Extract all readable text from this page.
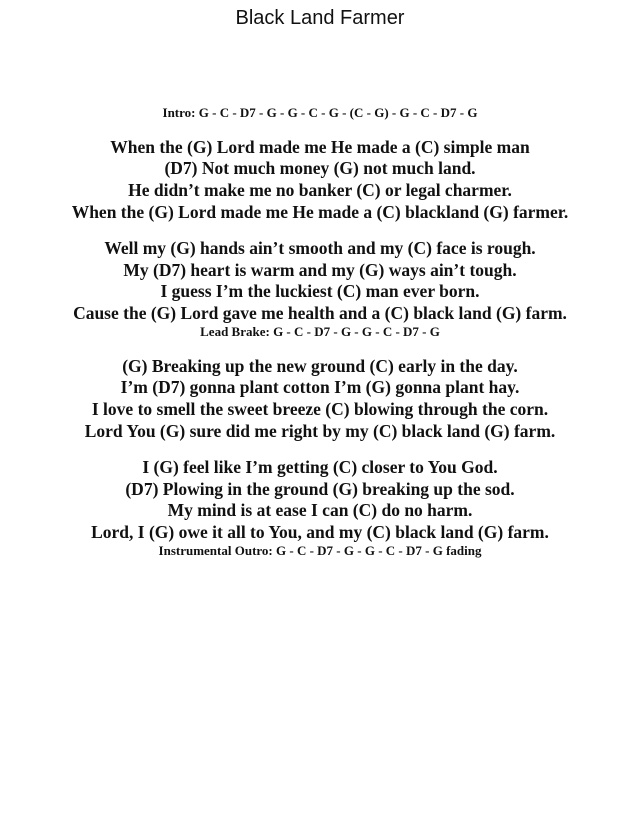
Black Land Farmer
Intro: G - C - D7 - G - G - C - G - (C - G) - G - C - D7 - G
When the (G) Lord made me He made a (C) simple man
(D7) Not much money (G) not much land.
He didn’t make me no banker (C) or legal charmer.
When the (G) Lord made me He made a (C) blackland (G) farmer.
Well my (G) hands ain’t smooth and my (C) face is rough.
My (D7) heart is warm and my (G) ways ain’t tough.
I guess I’m the luckiest (C) man ever born.
Cause the (G) Lord gave me health and a (C) black land (G) farm.
Lead Brake: G - C - D7 - G - G - C - D7 - G
(G) Breaking up the new ground (C) early in the day.
I’m (D7) gonna plant cotton I’m (G) gonna plant hay.
I love to smell the sweet breeze (C) blowing through the corn.
Lord You (G) sure did me right by my (C) black land (G) farm.
I (G) feel like I’m getting (C) closer to You God.
(D7) Plowing in the ground (G) breaking up the sod.
My mind is at ease I can (C) do no harm.
Lord, I (G) owe it all to You, and my (C) black land (G) farm.
Instrumental Outro: G - C - D7 - G - G - C - D7 - G fading
